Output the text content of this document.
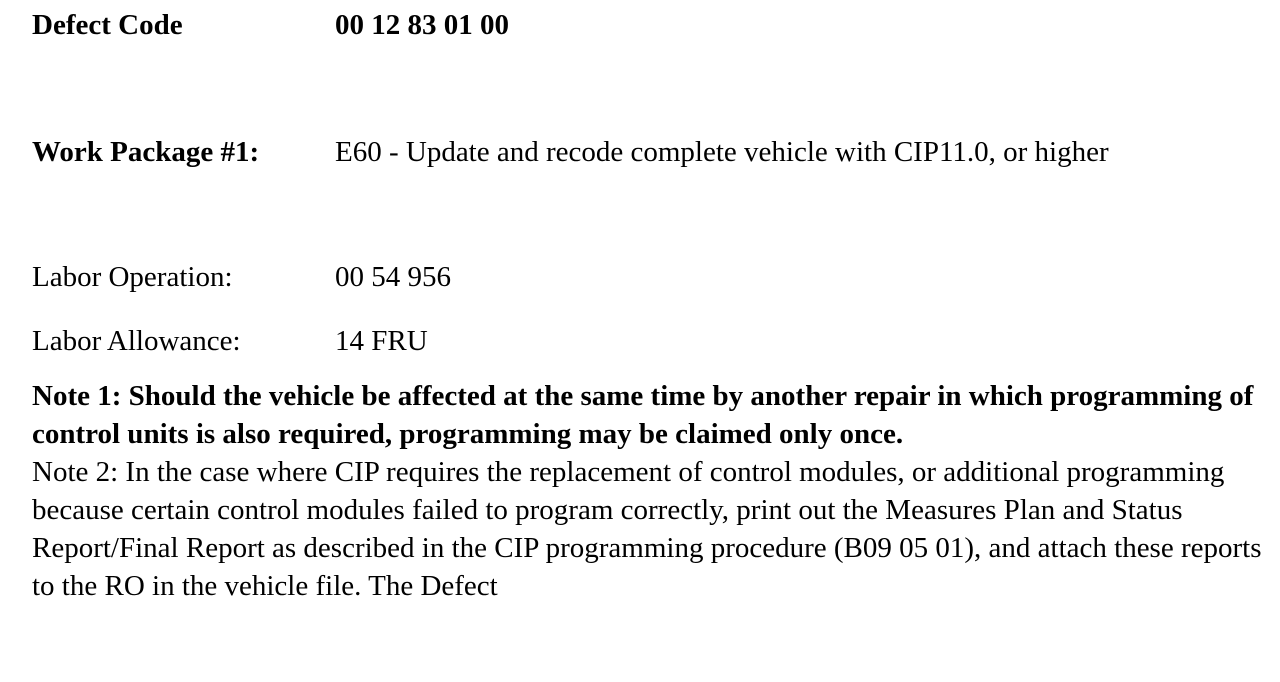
Defect Code	00 12 83 01 00
Work Package #1:	E60 - Update and recode complete vehicle with CIP11.0, or higher
Labor Operation:	00 54 956
Labor Allowance:	14 FRU

Note 1: Should the vehicle be affected at the same time by another repair in which programming of control units is also required, programming may be claimed only once.

Note 2: In the case where CIP requires the replacement of control modules, or additional programming because certain control modules failed to program correctly, print out the Measures Plan and Status Report/Final Report as described in the CIP programming procedure (B09 05 01), and attach these reports to the RO in the vehicle file. The Defect
